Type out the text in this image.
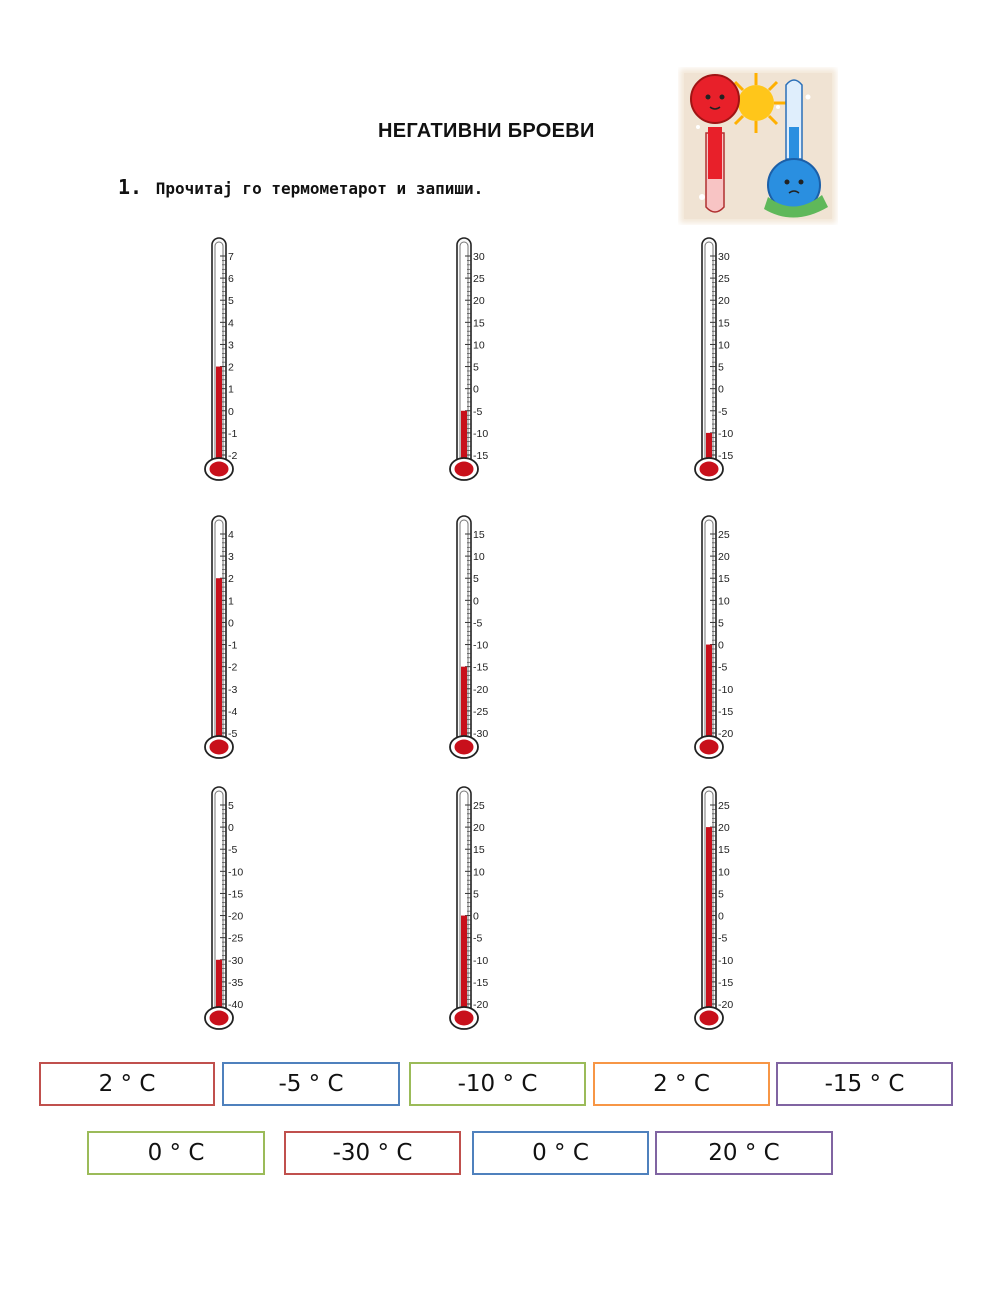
НЕГАТИВНИ БРОЕВИ
1. Прочитај го термометарот и запиши.
7
6
5
4
3
2
1
0
-1
-2
30
25
20
15
10
5
0
-5
-10
-15
30
25
20
15
10
5
0
-5
-10
-15
4
3
2
1
0
-1
-2
-3
-4
-5
15
10
5
0
-5
-10
-15
-20
-25
-30
25
20
15
10
5
0
-5
-10
-15
-20
5
0
-5
-10
-15
-20
-25
-30
-35
-40
25
20
15
10
5
0
-5
-10
-15
-20
25
20
15
10
5
0
-5
-10
-15
-20
2 ° C	-5 ° C	-10 ° C	2 ° C	-15 ° C
0 ° C	-30 ° C	0 ° C	20 ° C
